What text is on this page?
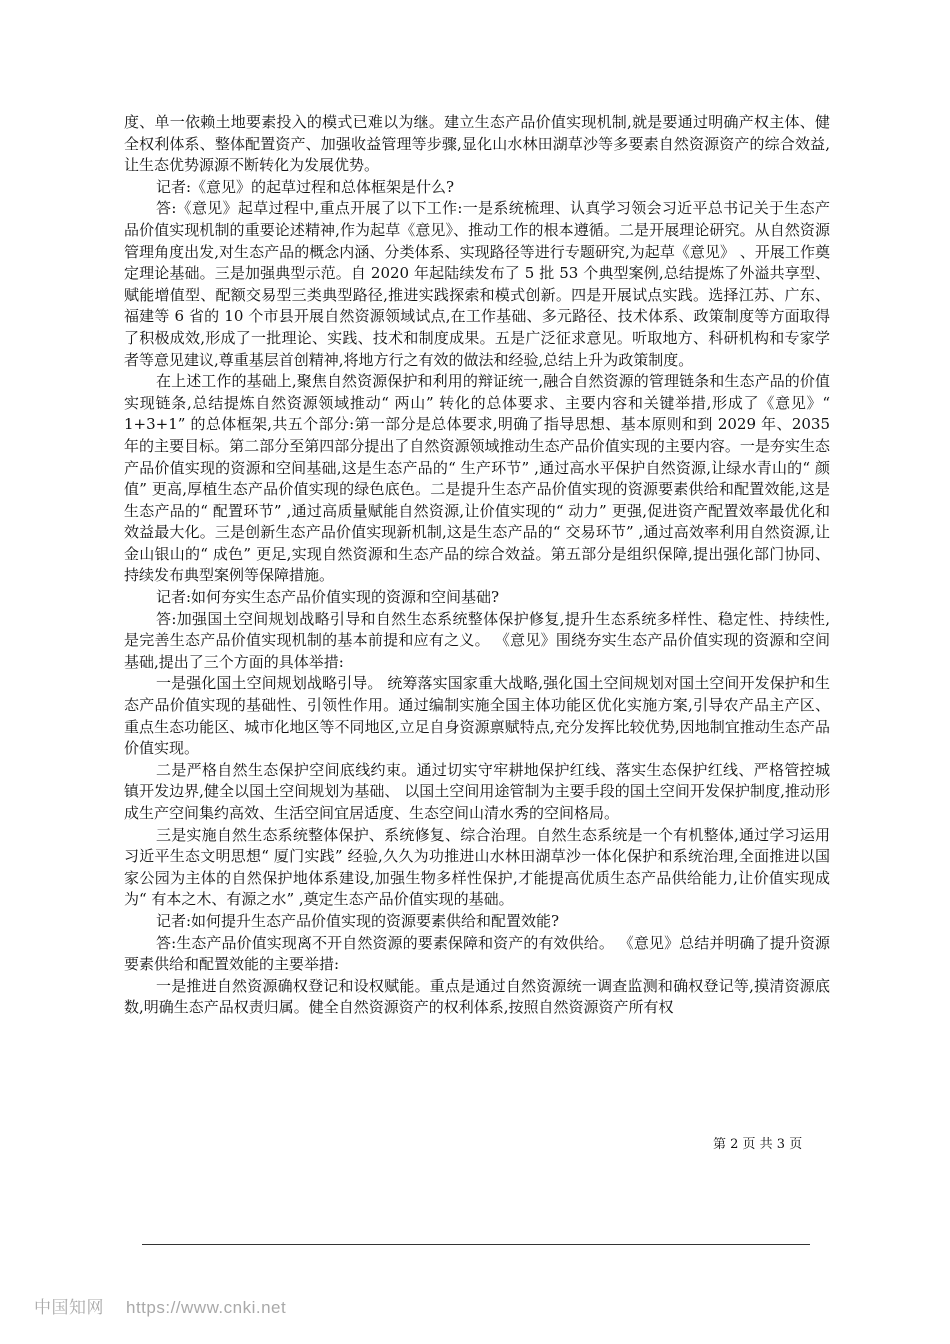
度、单一依赖土地要素投入的模式已难以为继。建立生态产品价值实现机制,就是要通过明确产权主体、健全权利体系、整体配置资产、加强收益管理等步骤,显化山水林田湖草沙等多要素自然资源资产的综合效益,让生态优势源源不断转化为发展优势。

记者:《意见》的起草过程和总体框架是什么?

答:《意见》起草过程中,重点开展了以下工作:一是系统梳理、认真学习领会习近平总书记关于生态产品价值实现机制的重要论述精神,作为起草《意见》、推动工作的根本遵循。二是开展理论研究。从自然资源管理角度出发,对生态产品的概念内涵、分类体系、实现路径等进行专题研究,为起草《意见》 、开展工作奠定理论基础。三是加强典型示范。自 2020 年起陆续发布了 5 批 53 个典型案例,总结提炼了外溢共享型、赋能增值型、配额交易型三类典型路径,推进实践探索和模式创新。四是开展试点实践。选择江苏、广东、福建等 6 省的 10 个市县开展自然资源领域试点,在工作基础、多元路径、技术体系、政策制度等方面取得了积极成效,形成了一批理论、实践、技术和制度成果。五是广泛征求意见。听取地方、科研机构和专家学者等意见建议,尊重基层首创精神,将地方行之有效的做法和经验,总结上升为政策制度。

在上述工作的基础上,聚焦自然资源保护和利用的辩证统一,融合自然资源的管理链条和生态产品的价值实现链条,总结提炼自然资源领域推动“ 两山” 转化的总体要求、主要内容和关键举措,形成了《意见》“ 1+3+1” 的总体框架,共五个部分:第一部分是总体要求,明确了指导思想、基本原则和到 2029 年、2035 年的主要目标。第二部分至第四部分提出了自然资源领域推动生态产品价值实现的主要内容。一是夯实生态产品价值实现的资源和空间基础,这是生态产品的“ 生产环节” ,通过高水平保护自然资源,让绿水青山的“ 颜值” 更高,厚植生态产品价值实现的绿色底色。二是提升生态产品价值实现的资源要素供给和配置效能,这是生态产品的“ 配置环节” ,通过高质量赋能自然资源,让价值实现的“ 动力” 更强,促进资产配置效率最优化和效益最大化。三是创新生态产品价值实现新机制,这是生态产品的“ 交易环节” ,通过高效率利用自然资源,让金山银山的“ 成色” 更足,实现自然资源和生态产品的综合效益。第五部分是组织保障,提出强化部门协同、持续发布典型案例等保障措施。

记者:如何夯实生态产品价值实现的资源和空间基础?

答:加强国土空间规划战略引导和自然生态系统整体保护修复,提升生态系统多样性、稳定性、持续性,是完善生态产品价值实现机制的基本前提和应有之义。 《意见》围绕夯实生态产品价值实现的资源和空间基础,提出了三个方面的具体举措:

一是强化国土空间规划战略引导。 统筹落实国家重大战略,强化国土空间规划对国土空间开发保护和生态产品价值实现的基础性、引领性作用。通过编制实施全国主体功能区优化实施方案,引导农产品主产区、重点生态功能区、城市化地区等不同地区,立足自身资源禀赋特点,充分发挥比较优势,因地制宜推动生态产品价值实现。

二是严格自然生态保护空间底线约束。通过切实守牢耕地保护红线、落实生态保护红线、严格管控城镇开发边界,健全以国土空间规划为基础、 以国土空间用途管制为主要手段的国土空间开发保护制度,推动形成生产空间集约高效、生活空间宜居适度、生态空间山清水秀的空间格局。

三是实施自然生态系统整体保护、系统修复、综合治理。自然生态系统是一个有机整体,通过学习运用习近平生态文明思想“ 厦门实践” 经验,久久为功推进山水林田湖草沙一体化保护和系统治理,全面推进以国家公园为主体的自然保护地体系建设,加强生物多样性保护,才能提高优质生态产品供给能力,让价值实现成为“ 有本之木、有源之水” ,奠定生态产品价值实现的基础。

记者:如何提升生态产品价值实现的资源要素供给和配置效能?

答:生态产品价值实现离不开自然资源的要素保障和资产的有效供给。 《意见》总结并明确了提升资源要素供给和配置效能的主要举措:

一是推进自然资源确权登记和设权赋能。重点是通过自然资源统一调查监测和确权登记等,摸清资源底数,明确生态产品权责归属。健全自然资源资产的权利体系,按照自然资源资产所有权

第 2 页 共 3 页
中国知网 https://www.cnki.net
